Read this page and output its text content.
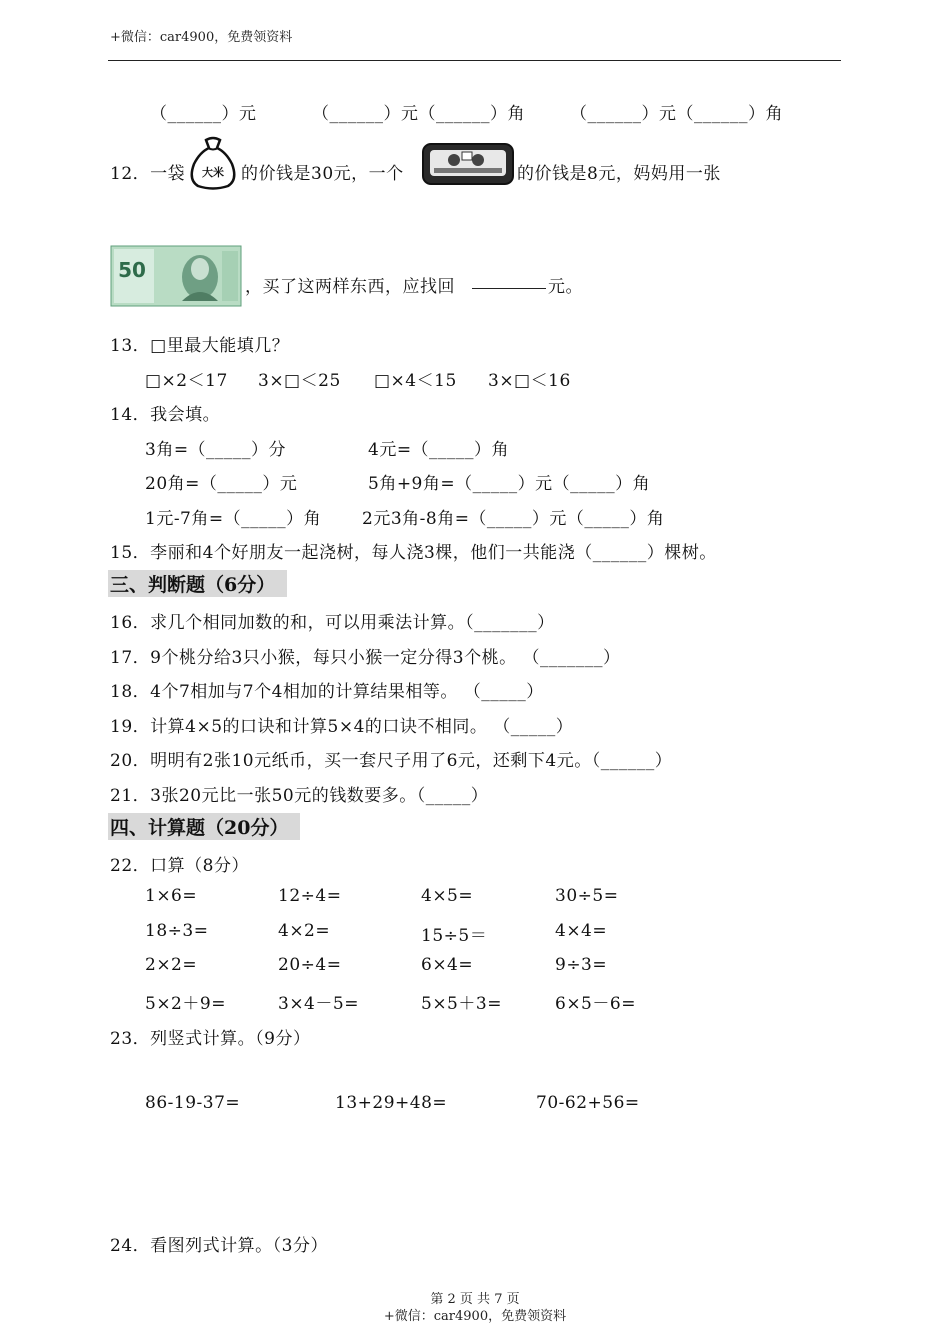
+微信：car4900，免费领资料
（______）元	（______）元（______）角	（______）元（______）角
12．一袋 大米 的价钱是30元，一个	的价钱是8元，妈妈用一张
50
，买了这两样东西，应找回	元。
13．□里最大能填几？
□×2＜17 3×□＜25 □×4＜15 3×□＜16
14．我会填。
3角=（_____）分	4元=（_____）角
20角=（_____）元	5角+9角=（_____）元（_____）角
1元-7角=（_____）角 2元3角-8角=（_____）元（_____）角
15．李丽和4个好朋友一起浇树，每人浇3棵，他们一共能浇（______）棵树。
三、判断题（6分）
16．求几个相同加数的和，可以用乘法计算。（_______）
17．9个桃分给3只小猴，每只小猴一定分得3个桃。 （_______）
18．4个7相加与7个4相加的计算结果相等。 （_____）
19．计算4×5的口诀和计算5×4的口诀不相同。 （_____）
20．明明有2张10元纸币，买一套尺子用了6元，还剩下4元。（______）
21．3张20元比一张50元的钱数要多。（_____）
四、计算题（20分）
22．口算（8分）
1×6=	12÷4=	4×5=	30÷5=
18÷3=	4×2=	15÷5＝	4×4=
2×2=	20÷4=	6×4=	9÷3=
5×2＋9=	3×4－5=	5×5＋3=	6×5－6=
23．列竖式计算。（9分）
86-19-37=	13+29+48=	70-62+56=
24．看图列式计算。（3分）
第 2 页 共 7 页
+微信：car4900，免费领资料
